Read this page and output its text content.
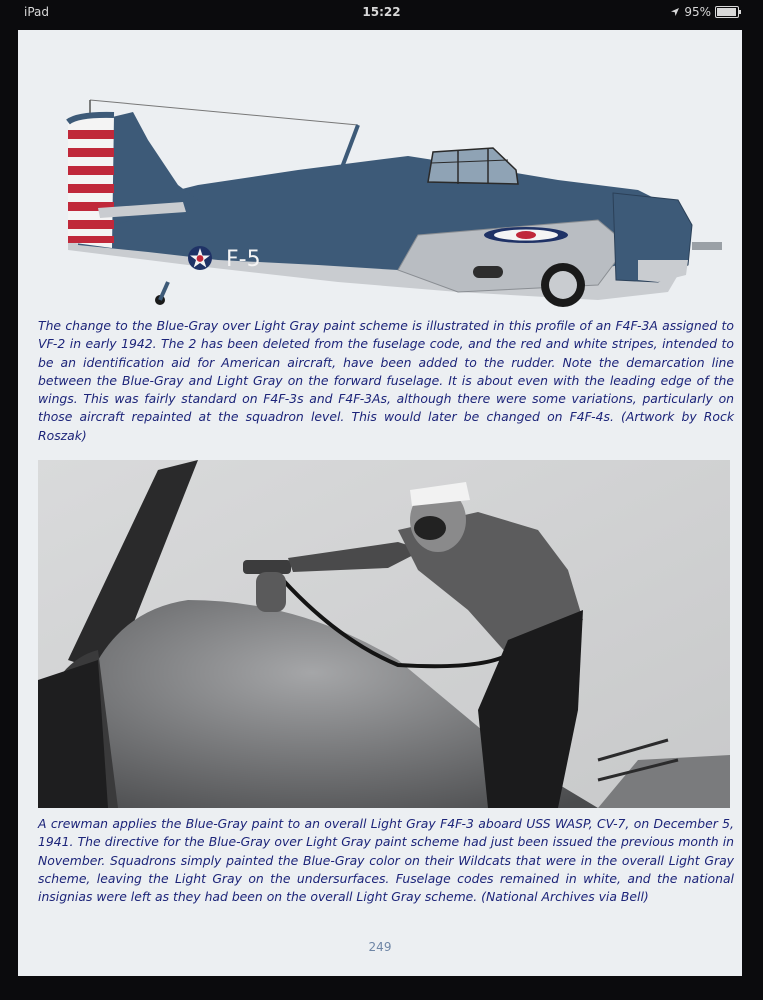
iPad	15:22	95%
F-5

The change to the Blue-Gray over Light Gray paint scheme is illustrated in this profile of an F4F-3A assigned to VF-2 in early 1942. The 2 has been deleted from the fuselage code, and the red and white stripes, intended to be an identification aid for American aircraft, have been added to the rudder. Note the demarcation line between the Blue-Gray and Light Gray on the forward fuselage. It is about even with the leading edge of the wings. This was fairly standard on F4F-3s and F4F-3As, although there were some variations, particularly on those aircraft repainted at the squadron level. This would later be changed on F4F-4s. (Artwork by Rock Roszak)

A crewman applies the Blue-Gray paint to an overall Light Gray F4F-3 aboard USS WASP, CV-7, on December 5, 1941. The directive for the Blue-Gray over Light Gray paint scheme had just been issued the previous month in November. Squadrons simply painted the Blue-Gray color on their Wildcats that were in the overall Light Gray scheme, leaving the Light Gray on the undersurfaces. Fuselage codes remained in white, and the national insignias were left as they had been on the overall Light Gray scheme. (National Archives via Bell)

249
